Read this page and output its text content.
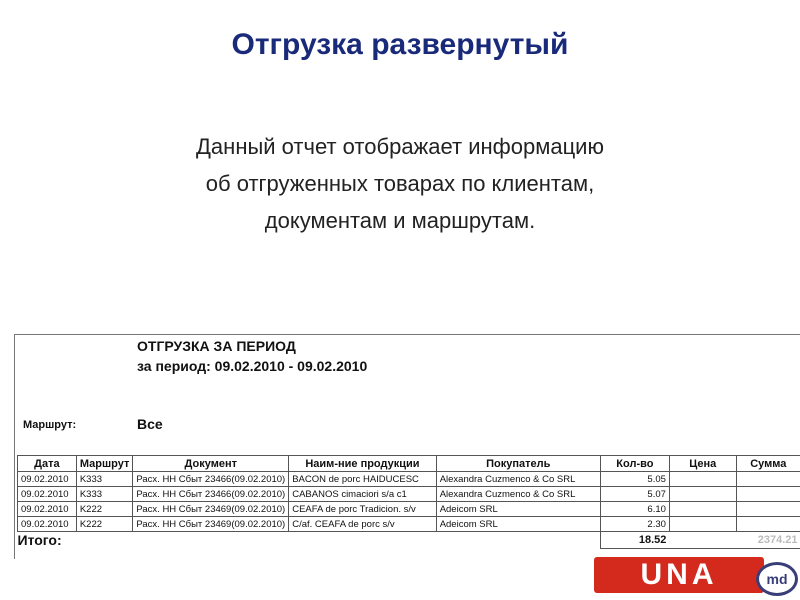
Отгрузка развернутый
Данный отчет отображает информацию
об отгруженных товарах по клиентам,
документам и маршрутам.
ОТГРУЗКА ЗА ПЕРИОД
за период: 09.02.2010 - 09.02.2010
Маршрут:	Все
Дата	Маршрут	Документ	Наим-ние продукции	Покупатель	Кол-во	Цена	Сумма
09.02.2010	K333	Расх. НН Сбыт 23466(09.02.2010)	BACON de porc HAIDUCESC	Alexandra Cuzmenco & Co SRL	5.05		
09.02.2010	K333	Расх. НН Сбыт 23466(09.02.2010)	CABANOS cimaciori s/a c1	Alexandra Cuzmenco & Co SRL	5.07		
09.02.2010	K222	Расх. НН Сбыт 23469(09.02.2010)	CEAFA de porc Tradicion. s/v	Adeicom SRL	6.10		
09.02.2010	K222	Расх. НН Сбыт 23469(09.02.2010)	C/af. CEAFA de porc s/v	Adeicom SRL	2.30		
Итого:					18.52		2374.21
UNA	md
